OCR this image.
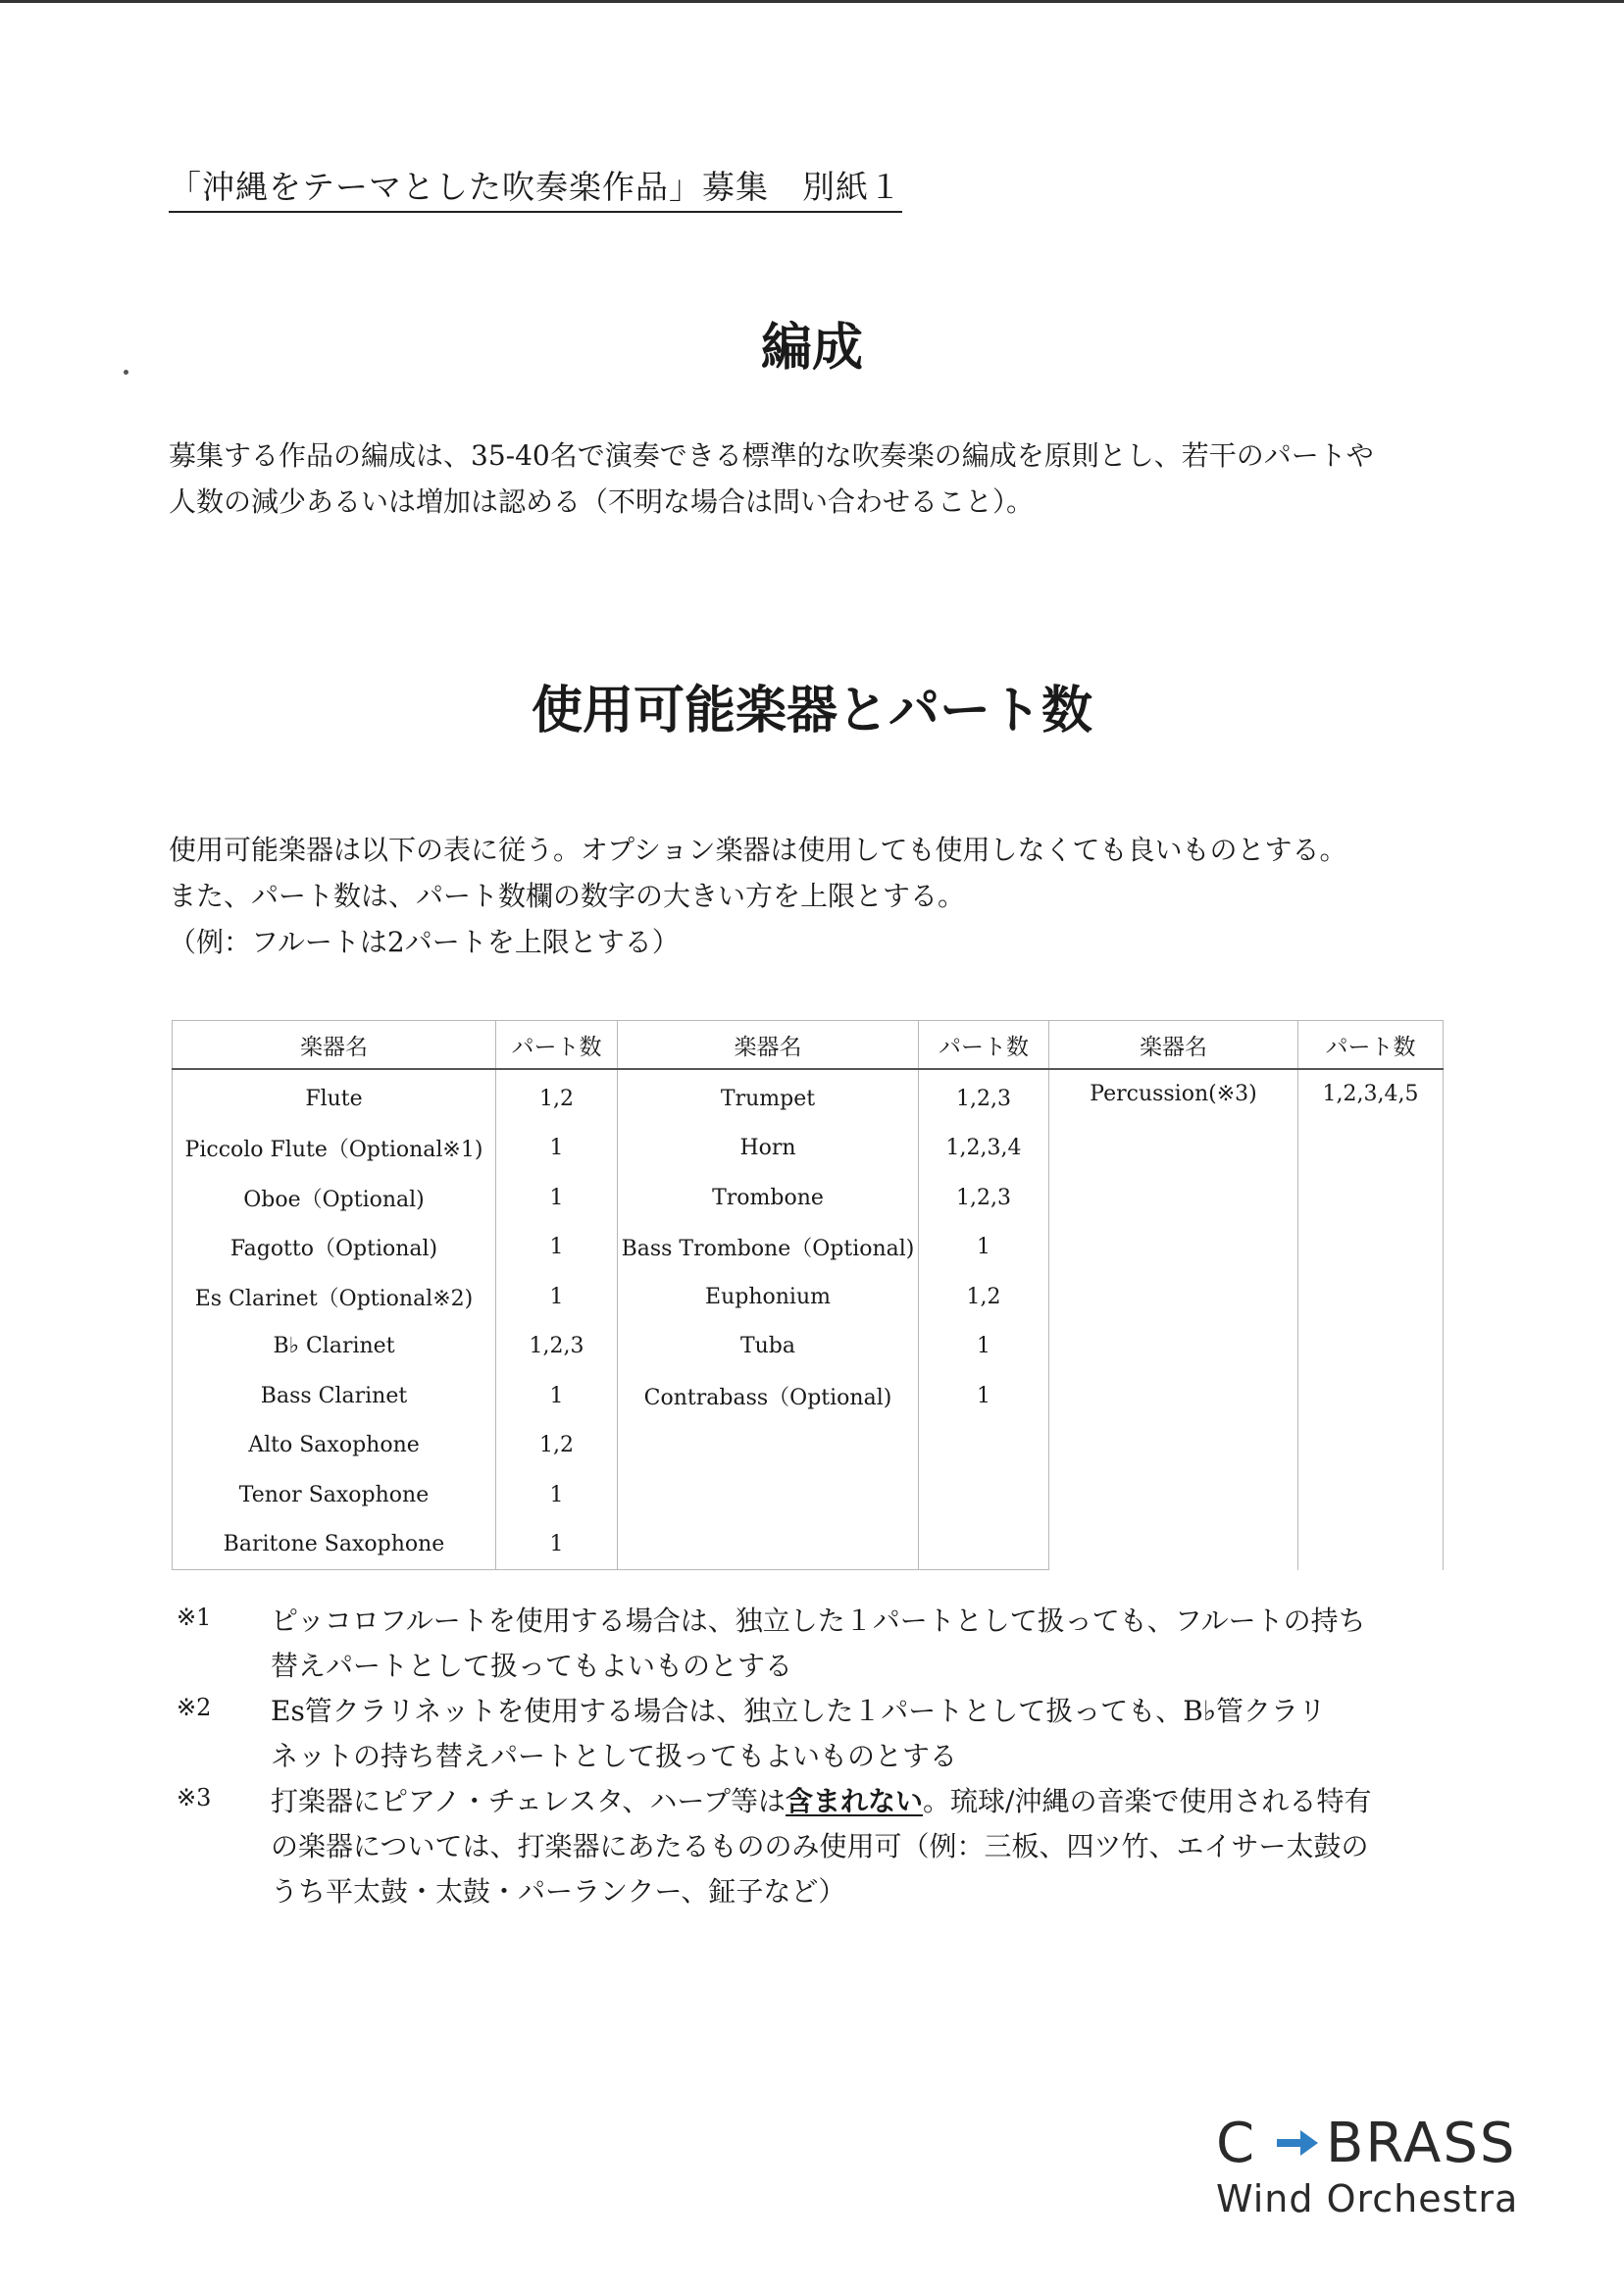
「沖縄をテーマとした吹奏楽作品」募集　別紙１
編成
募集する作品の編成は、35-40名で演奏できる標準的な吹奏楽の編成を原則とし、若干のパートや
人数の減少あるいは増加は認める（不明な場合は問い合わせること）。
使用可能楽器とパート数
使用可能楽器は以下の表に従う。オプション楽器は使用しても使用しなくても良いものとする。
また、パート数は、パート数欄の数字の大きい方を上限とする。
（例：フルートは2パートを上限とする）
楽器名	パート数	楽器名	パート数	楽器名	パート数
Flute	1,2	Trumpet	1,2,3	Percussion(※3)	1,2,3,4,5
Piccolo Flute（Optional※1)	1	Horn	1,2,3,4		
Oboe（Optional)	1	Trombone	1,2,3		
Fagotto（Optional)	1	Bass Trombone（Optional)	1		
Es Clarinet（Optional※2)	1	Euphonium	1,2		
B♭ Clarinet	1,2,3	Tuba	1		
Bass Clarinet	1	Contrabass（Optional)	1		
Alto Saxophone	1,2				
Tenor Saxophone	1				
Baritone Saxophone	1				
※1 ピッコロフルートを使用する場合は、独立した１パートとして扱っても、フルートの持ち
替えパートとして扱ってもよいものとする
※2 Es管クラリネットを使用する場合は、独立した１パートとして扱っても、B♭管クラリ
ネットの持ち替えパートとして扱ってもよいものとする
※3 打楽器にピアノ・チェレスタ、ハープ等は含まれない。琉球/沖縄の音楽で使用される特有
の楽器については、打楽器にあたるもののみ使用可（例：三板、四ツ竹、エイサー太鼓の
うち平太鼓・太鼓・パーランクー、鉦子など）
C BRASS
Wind Orchestra
